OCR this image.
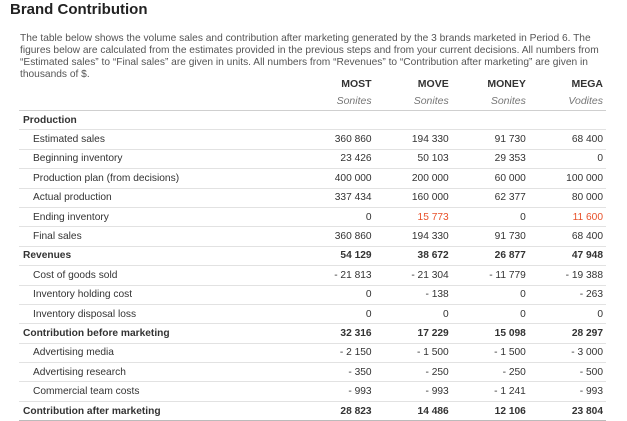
Brand Contribution

The table below shows the volume sales and contribution after marketing generated by the 3 brands marketed in Period 6. The figures below are calculated from the estimates provided in the previous steps and from your current decisions. All numbers from “Estimated sales” to “Final sales” are given in units. All numbers from “Revenues” to “Contribution after marketing” are given in thousands of $.

	MOST	MOVE	MONEY	MEGA
	Sonites	Sonites	Sonites	Vodites
Production				
Estimated sales	360 860	194 330	91 730	68 400
Beginning inventory	23 426	50 103	29 353	0
Production plan (from decisions)	400 000	200 000	60 000	100 000
Actual production	337 434	160 000	62 377	80 000
Ending inventory	0	15 773	0	11 600
Final sales	360 860	194 330	91 730	68 400
Revenues	54 129	38 672	26 877	47 948
Cost of goods sold	- 21 813	- 21 304	- 11 779	- 19 388
Inventory holding cost	0	- 138	0	- 263
Inventory disposal loss	0	0	0	0
Contribution before marketing	32 316	17 229	15 098	28 297
Advertising media	- 2 150	- 1 500	- 1 500	- 3 000
Advertising research	- 350	- 250	- 250	- 500
Commercial team costs	- 993	- 993	- 1 241	- 993
Contribution after marketing	28 823	14 486	12 106	23 804
